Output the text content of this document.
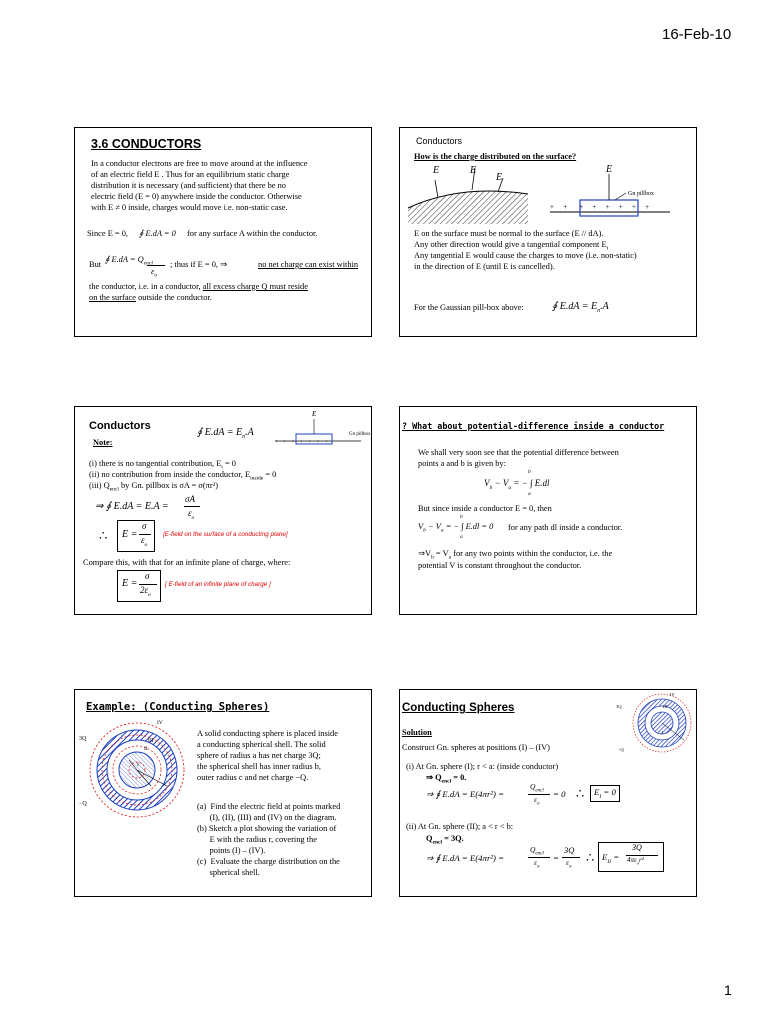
16-Feb-10
3.6 CONDUCTORS
In a conductor electrons are free to move around at the influence
of an electric field E . Thus for an equilibrium static charge
distribution it is necessary (and sufficient) that there be no
electric field (E = 0) anywhere inside the conductor. Otherwise
with E ≠ 0 inside, charges would move i.e. non-static case.
Since E = 0, ∮ E.dA = 0 for any surface A within the conductor.
But
∮ $E.dA = Q_{encl}$
$\varepsilon_o$
; thus if E = 0, ⇒	no net charge can exist within
the conductor, i.e. in a conductor, all excess charge Q must reside
on the surface outside the conductor.
Conductors
How is the charge distributed on the surface?
E	E
E
E
Gn pillbox
+ + + + + + + +
E on the surface must be normal to the surface (E // dA).
Any other direction would give a tangential component $E_t$
Any tangential E would cause the charges to move (i.e. non-static)
in the direction of E (until E is cancelled).
For the Gaussian pill-box above:	∮ $E.dA = E_n.A$
Conductors
∮ $E.dA = E_n.A$
E
Gn pillbox
+ + + + + + +
Note:
(i) there is no tangential contribution, $E_t = 0$
(ii) no contribution from inside the conductor, $E_{inside} = 0$
(iii) $Q_{encl}$ by Gn. pillbox is σA = σ(πr²)
⇒ ∮ E.dA = E.A =
σA
$\varepsilon_o$
∴ E =
σ
$\varepsilon_o$
[E-field on the surface of a conducting plane]
Compare this, with that for an infinite plane of charge, where:
E =
σ
$2\varepsilon_o$
[ E-field of an infinite plane of charge ]
? What about potential-difference inside a conductor
We shall very soon see that the potential difference between
points a and b is given by:
$V_b - V_a$ = − ∫ E.dl
b
a
But since inside a conductor E = 0, then
$V_b - V_a$ = − ∫ E.dl = 0
b
a
for any path dl inside a conductor.
$\Rightarrow V_b = V_a$ for any two points within the conductor, i.e. the
potential V is constant throughout the conductor.
Example: (Conducting Spheres)
3Q
−Q
IV
III
II
I
A solid conducting sphere is placed inside
a conducting spherical shell. The solid
sphere of radius a has net charge 3Q;
the spherical shell has inner radius b,
outer radius c and net charge −Q.
(a)  Find the electric field at points marked
(I), (II), (III) and (IV) on the diagram.
(b) Sketch a plot showing the variation of
E with the radius r, covering the
points (I) – (IV).
(c)  Evaluate the charge distribution on the
spherical shell.
Conducting Spheres	3Q
−Q
IV
III
I
Solution
Construct Gn. spheres at positions (I) – (IV)
(i) At Gn. sphere (I); r < a: (inside conductor)
⇒ $Q_{encl} = 0$.
⇒ ∮ E.dA = E(4πr²) =
$Q_{encl}$
$\varepsilon_o$
= 0 ∴	$E_I = 0$
(ii) At Gn. sphere (II); a < r < b:
$Q_{encl} = 3Q$.
⇒ ∮ E.dA = E(4πr²) =
$Q_{encl}$
$\varepsilon_o$
=
3Q
$\varepsilon_o$
∴ $E_{II}$ =
3Q
$4\pi\varepsilon_or^2$
1
